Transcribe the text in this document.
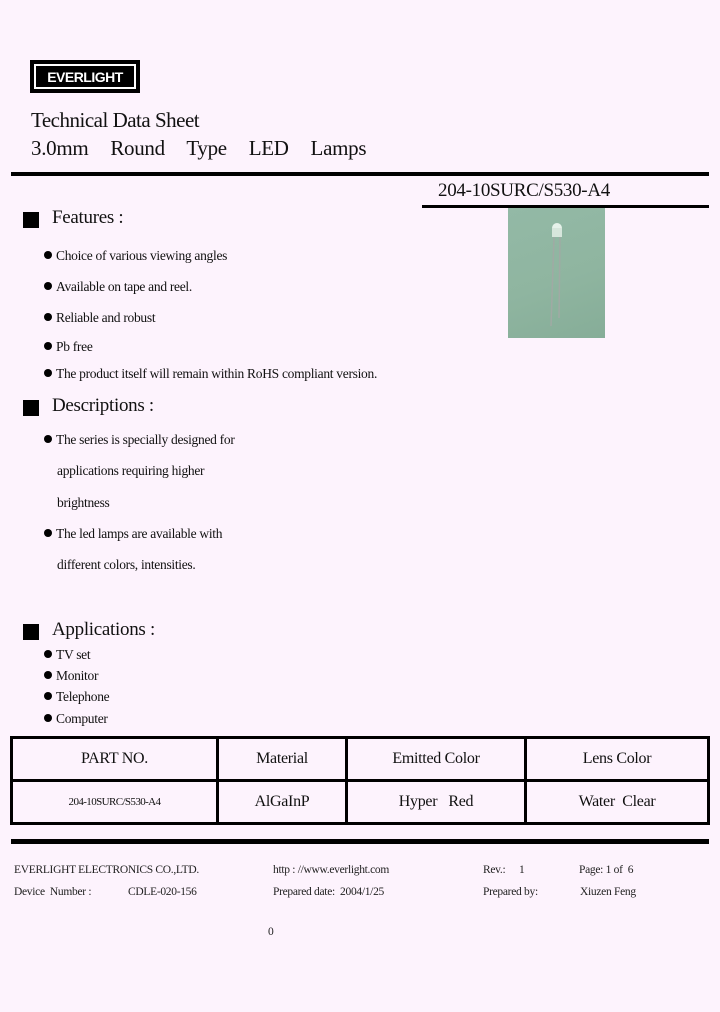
EVERLIGHT
Technical Data Sheet
3.0mm  Round  Type  LED  Lamps
204-10SURC/S530-A4
Features :
Choice of various viewing angles
Available on tape and reel.
Reliable and robust
Pb free
The product itself will remain within RoHS compliant version.
Descriptions :
The series is specially designed for
applications requiring higher
brightness
The led lamps are available with
different colors, intensities.
Applications :
TV set
Monitor
Telephone
Computer
PART NO.	Material	Emitted Color	Lens Color
204-10SURC/S530-A4	AlGaInP	Hyper   Red	Water  Clear
EVERLIGHT ELECTRONICS CO.,LTD.	http : //www.everlight.com	Rev.: 1	Page: 1 of  6
Device  Number :	CDLE-020-156	Prepared date:  2004/1/25	Prepared by:	Xiuzen Feng
0
